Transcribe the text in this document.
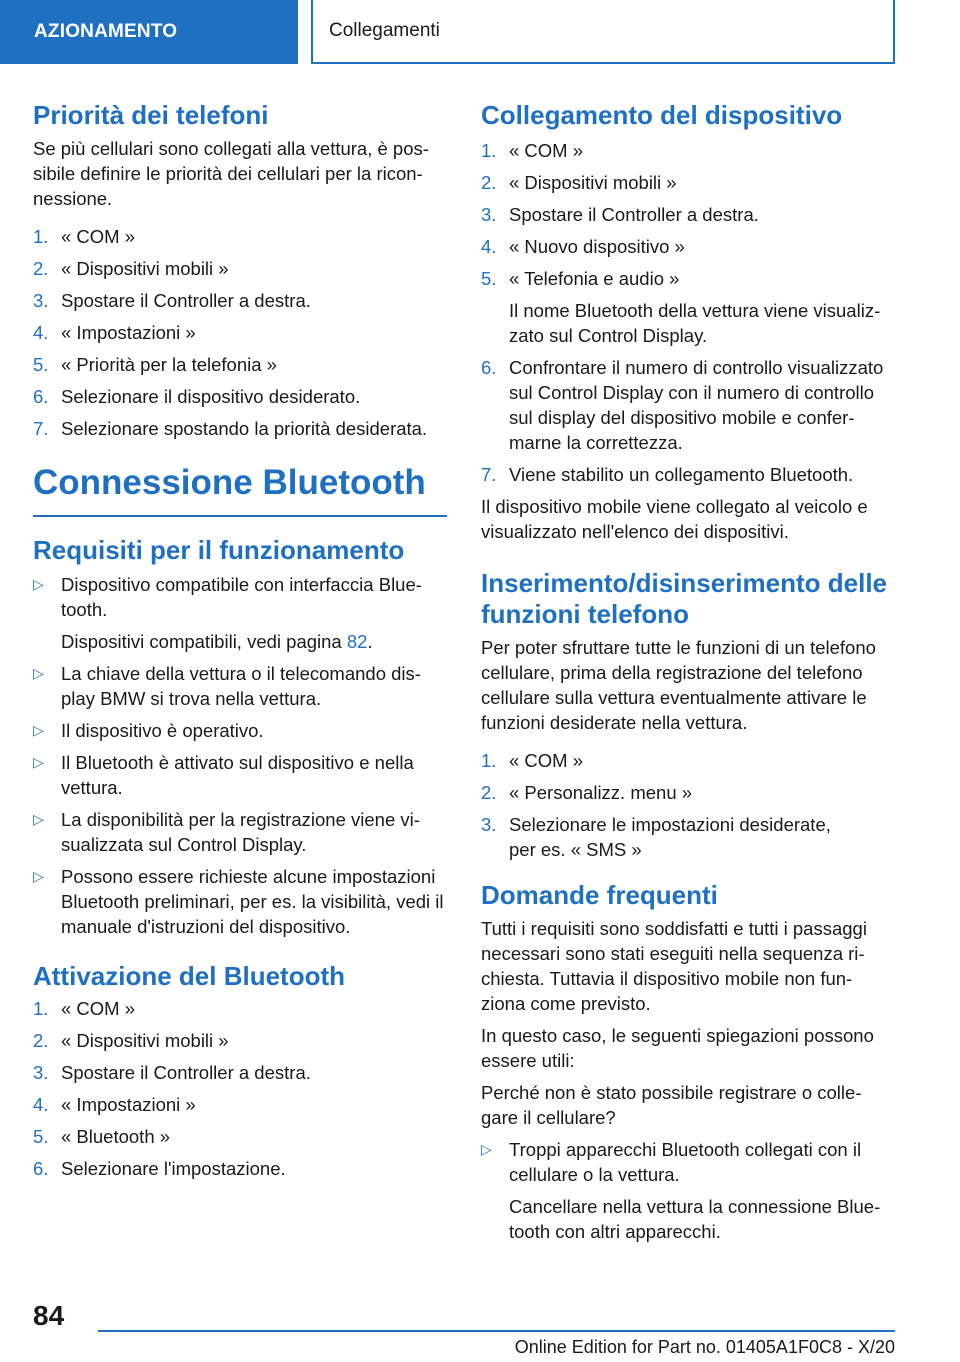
AZIONAMENTO	Collegamenti
Priorità dei telefoni

Se più cellulari sono collegati alla vettura, è pos-sibile definire le priorità dei cellulari per la ricon-nessione.

1. « COM »
2. « Dispositivi mobili »
3. Spostare il Controller a destra.
4. « Impostazioni »
5. « Priorità per la telefonia »
6. Selezionare il dispositivo desiderato.
7. Selezionare spostando la priorità desiderata.
Connessione Bluetooth
Requisiti per il funzionamento
▷ Dispositivo compatibile con interfaccia Blue-tooth.
Dispositivi compatibili, vedi pagina 82.
▷ La chiave della vettura o il telecomando dis-play BMW si trova nella vettura.
▷ Il dispositivo è operativo.
▷ Il Bluetooth è attivato sul dispositivo e nella vettura.
▷ La disponibilità per la registrazione viene vi-sualizzata sul Control Display.
▷ Possono essere richieste alcune impostazioni Bluetooth preliminari, per es. la visibilità, vedi il manuale d'istruzioni del dispositivo.
Attivazione del Bluetooth
1. « COM »
2. « Dispositivi mobili »
3. Spostare il Controller a destra.
4. « Impostazioni »
5. « Bluetooth »
6. Selezionare l'impostazione.
Collegamento del dispositivo
1. « COM »
2. « Dispositivi mobili »
3. Spostare il Controller a destra.
4. « Nuovo dispositivo »
5. « Telefonia e audio »
Il nome Bluetooth della vettura viene visualiz-zato sul Control Display.
6. Confrontare il numero di controllo visualizzato sul Control Display con il numero di controllo sul display del dispositivo mobile e confer-marne la correttezza.
7. Viene stabilito un collegamento Bluetooth.

Il dispositivo mobile viene collegato al veicolo e visualizzato nell'elenco dei dispositivi.

Inserimento/disinserimento delle funzioni telefono

Per poter sfruttare tutte le funzioni di un telefono cellulare, prima della registrazione del telefono cellulare sulla vettura eventualmente attivare le funzioni desiderate nella vettura.

1. « COM »
2. « Personalizz. menu »
3. Selezionare le impostazioni desiderate,
per es. « SMS »
Domande frequenti

Tutti i requisiti sono soddisfatti e tutti i passaggi necessari sono stati eseguiti nella sequenza ri-chiesta. Tuttavia il dispositivo mobile non fun-ziona come previsto.

In questo caso, le seguenti spiegazioni possono essere utili:

Perché non è stato possibile registrare o colle-gare il cellulare?

▷ Troppi apparecchi Bluetooth collegati con il cellulare o la vettura.
Cancellare nella vettura la connessione Blue-tooth con altri apparecchi.
84
Online Edition for Part no. 01405A1F0C8 - X/20
